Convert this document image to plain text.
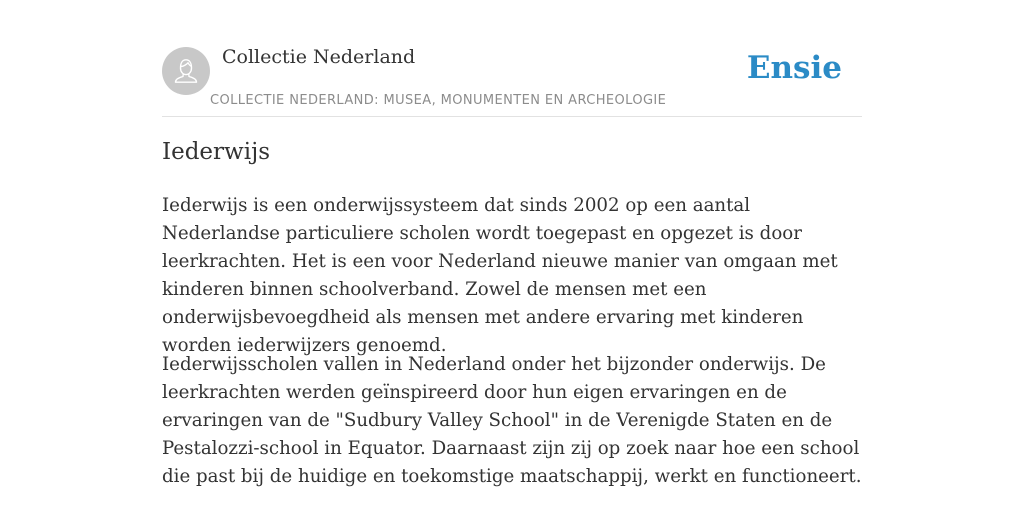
Collectie Nederland
COLLECTIE NEDERLAND: MUSEA, MONUMENTEN EN ARCHEOLOGIE
Ensie
Iederwijs

Iederwijs is een onderwijssysteem dat sinds 2002 op een aantal Nederlandse particuliere scholen wordt toegepast en opgezet is door leerkrachten. Het is een voor Nederland nieuwe manier van omgaan met kinderen binnen schoolverband. Zowel de mensen met een onderwijsbevoegdheid als mensen met andere ervaring met kinderen worden iederwijzers genoemd.

Iederwijsscholen vallen in Nederland onder het bijzonder onderwijs. De leerkrachten werden geïnspireerd door hun eigen ervaringen en de ervaringen van de "Sudbury Valley School" in de Verenigde Staten en de Pestalozzi-school in Equator. Daarnaast zijn zij op zoek naar hoe een school die past bij de huidige en toekomstige maatschappij, werkt en functioneert.
